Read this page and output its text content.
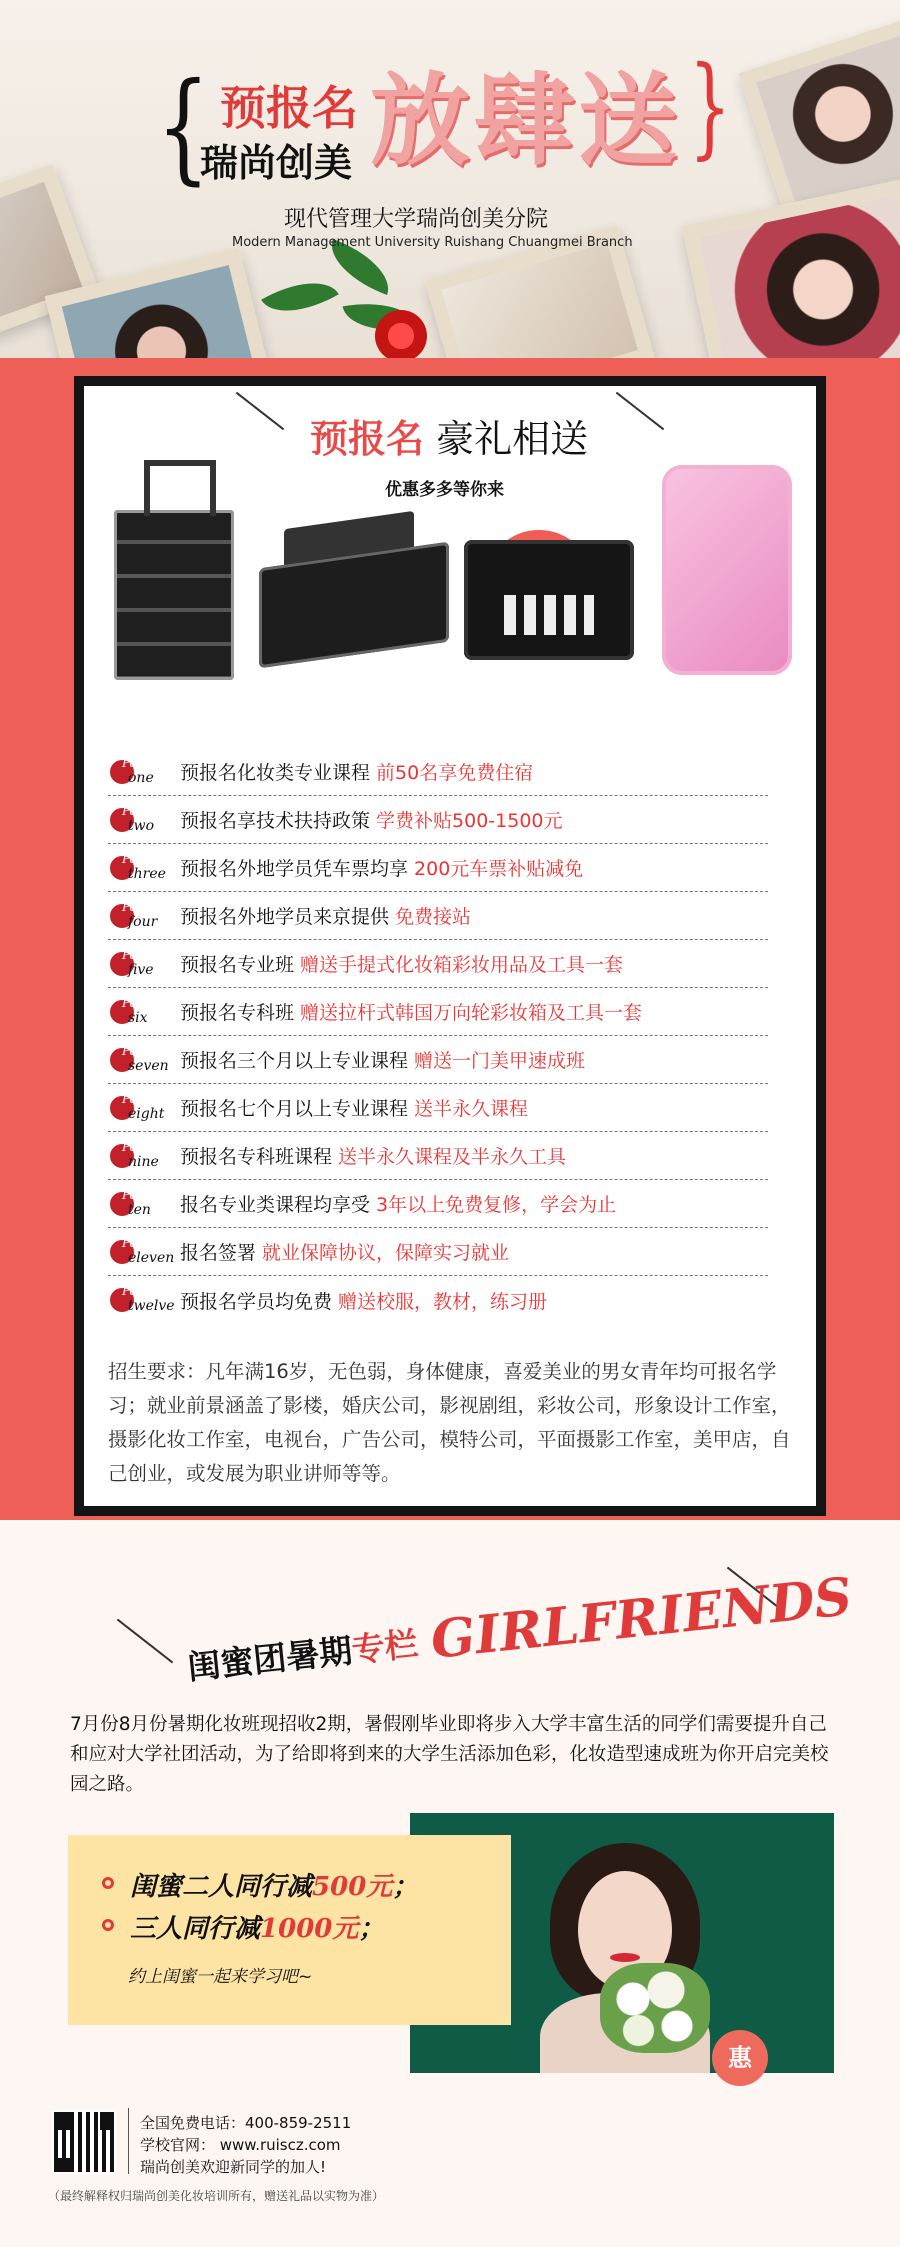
{ 预报名
瑞尚创美 放肆送 }
现代管理大学瑞尚创美分院
Modern Management University Ruishang Chuangmei Branch
预报名 豪礼相送
优惠多多等你来
Part
one 预报名化妆类专业课程 前50名享免费住宿
Part
two 预报名享技术扶持政策 学费补贴500-1500元
Part
three 预报名外地学员凭车票均享 200元车票补贴减免
Part
four 预报名外地学员来京提供 免费接站
Part
five 预报名专业班 赠送手提式化妆箱彩妆用品及工具一套
Part
six 预报名专科班 赠送拉杆式韩国万向轮彩妆箱及工具一套
Part
seven 预报名三个月以上专业课程 赠送一门美甲速成班
Part
eight 预报名七个月以上专业课程 送半永久课程
Part
nine 预报名专科班课程 送半永久课程及半永久工具
Part
ten 报名专业类课程均享受 3年以上免费复修，学会为止
Part
eleven 报名签署 就业保障协议，保障实习就业
Part
twelve 预报名学员均免费 赠送校服，教材，练习册
招生要求：凡年满16岁，无色弱，身体健康，喜爱美业的男女青年均可报名学习；就业前景涵盖了影楼，婚庆公司，影视剧组，彩妆公司，形象设计工作室，摄影化妆工作室，电视台，广告公司，模特公司，平面摄影工作室，美甲店，自己创业，或发展为职业讲师等等。
闺蜜团暑期专栏 GIRLFRIENDS
7月份8月份暑期化妆班现招收2期，暑假刚毕业即将步入大学丰富生活的同学们需要提升自己和应对大学社团活动，为了给即将到来的大学生活添加色彩，化妆造型速成班为你开启完美校园之路。
惠
闺蜜二人同行减500元；
三人同行减1000元；
约上闺蜜一起来学习吧~
全国免费电话：400-859-2511
学校官网： www.ruiscz.com
瑞尚创美欢迎新同学的加人!
（最终解释权归瑞尚创美化妆培训所有，赠送礼品以实物为准）
